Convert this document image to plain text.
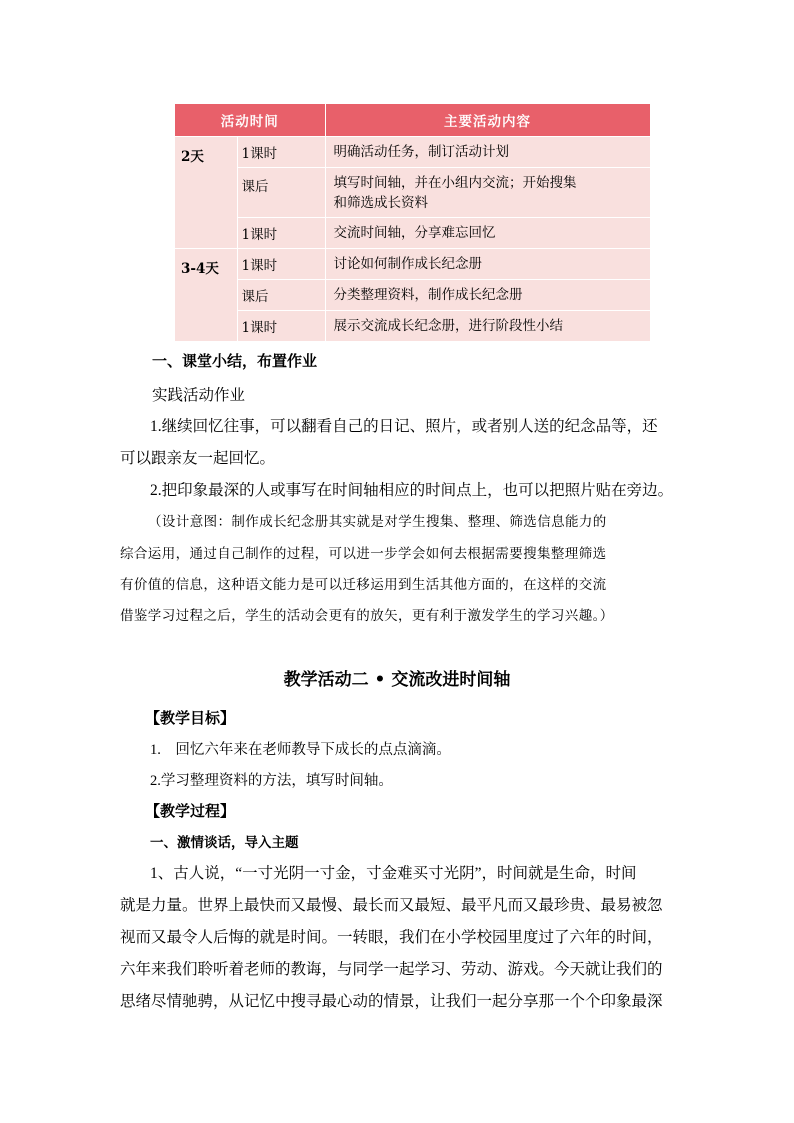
活动时间		主要活动内容
2天	1课时	明确活动任务，制订活动计划

	课后	填写时间轴，并在小组内交流；开始搜集和筛选成长资料

	1课时	交流时间轴，分享难忘回忆

3-4天	1课时	讨论如何制作成长纪念册

	课后	分类整理资料，制作成长纪念册

	1课时	展示交流成长纪念册，进行阶段性小结
一、课堂小结，布置作业
实践活动作业
1.继续回忆往事，可以翻看自己的日记、照片，或者别人送的纪念品等，还
可以跟亲友一起回忆。
2.把印象最深的人或事写在时间轴相应的时间点上，也可以把照片贴在旁边。
（设计意图：制作成长纪念册其实就是对学生搜集、整理、筛选信息能力的
综合运用，通过自己制作的过程，可以进一步学会如何去根据需要搜集整理筛选
有价值的信息，这种语文能力是可以迁移运用到生活其他方面的，在这样的交流
借鉴学习过程之后，学生的活动会更有的放矢，更有利于激发学生的学习兴趣。）
教学活动二 • 交流改进时间轴
【教学目标】
1.　回忆六年来在老师教导下成长的点点滴滴。
2.学习整理资料的方法，填写时间轴。
【教学过程】
一、激情谈话，导入主题
1、古人说，“一寸光阴一寸金，寸金难买寸光阴”，时间就是生命，时间
就是力量。世界上最快而又最慢、最长而又最短、最平凡而又最珍贵、最易被忽
视而又最令人后悔的就是时间。一转眼，我们在小学校园里度过了六年的时间，
六年来我们聆听着老师的教诲，与同学一起学习、劳动、游戏。今天就让我们的
思绪尽情驰骋，从记忆中搜寻最心动的情景，让我们一起分享那一个个印象最深
